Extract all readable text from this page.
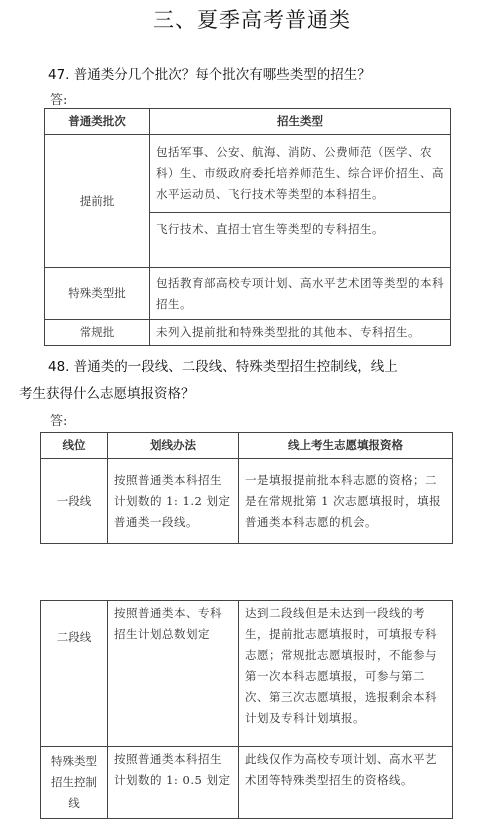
三、夏季高考普通类
47. 普通类分几个批次？每个批次有哪些类型的招生？
答:
普通类批次	招生类型
提前批	包括军事、公安、航海、消防、公费师范（医学、农科）生、市级政府委托培养师范生、综合评价招生、高水平运动员、飞行技术等类型的本科招生。
	飞行技术、直招士官生等类型的专科招生。
特殊类型批	包括教育部高校专项计划、高水平艺术团等类型的本科招生。
常规批	未列入提前批和特殊类型批的其他本、专科招生。
48. 普通类的一段线、二段线、特殊类型招生控制线，线上
考生获得什么志愿填报资格？
答:
线位	划线办法	线上考生志愿填报资格
一段线	按照普通类本科招生计划数的 1: 1.2 划定普通类一段线。	一是填报提前批本科志愿的资格；二是在常规批第 1 次志愿填报时，填报普通类本科志愿的机会。
二段线	按照普通类本、专科招生计划总数划定	达到二段线但是未达到一段线的考生，提前批志愿填报时，可填报专科志愿；常规批志愿填报时，不能参与第一次本科志愿填报，可参与第二次、第三次志愿填报，选报剩余本科计划及专科计划填报。
特殊类型招生控制线	按照普通类本科招生计划数的 1: 0.5 划定	此线仅作为高校专项计划、高水平艺术团等特殊类型招生的资格线。
